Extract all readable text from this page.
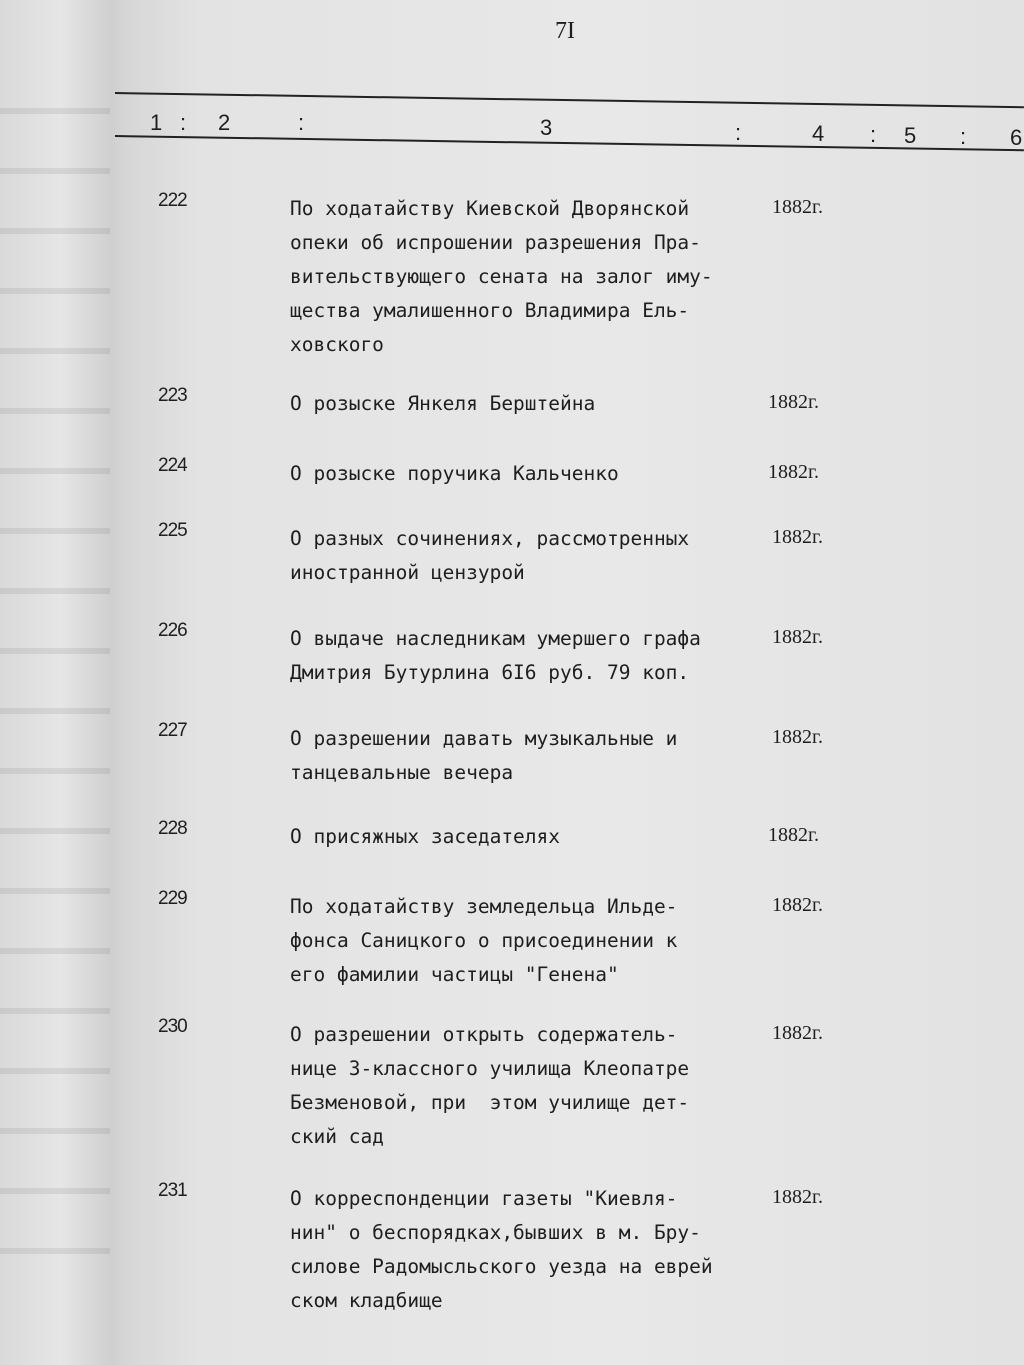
7I
1 : 2	:	3	:	4 : 5 : 6
222	По ходатайству Киевской Дворянской
опеки об испрошении разрешения Пра-
вительствующего сената на залог иму-
щества умалишенного Владимира Ель-
ховского
1882г.
223	О розыске Янкеля Берштейна	1882г.
224	О розыске поручика Кальченко	1882г.
225	О разных сочинениях, рассмотренных
иностранной цензурой
1882г.
226	О выдаче наследникам умершего графа
Дмитрия Бутурлина 6I6 руб. 79 коп.
1882г.
227	О разрешении давать музыкальные и
танцевальные вечера
1882г.
228	О присяжных заседателях	1882г.
229	По ходатайству земледельца Ильде-
фонса Саницкого о присоединении к
его фамилии частицы "Генена"
1882г.
230	О разрешении открыть содержатель-
нице 3-классного училища Клеопатре
Безменовой, при  этом училище дет-
ский сад
1882г.
231	О корреспонденции газеты "Киевля-
нин" о беспорядках,бывших в м. Бру-
силове Радомысльского уезда на еврей
ском кладбище
1882г.
